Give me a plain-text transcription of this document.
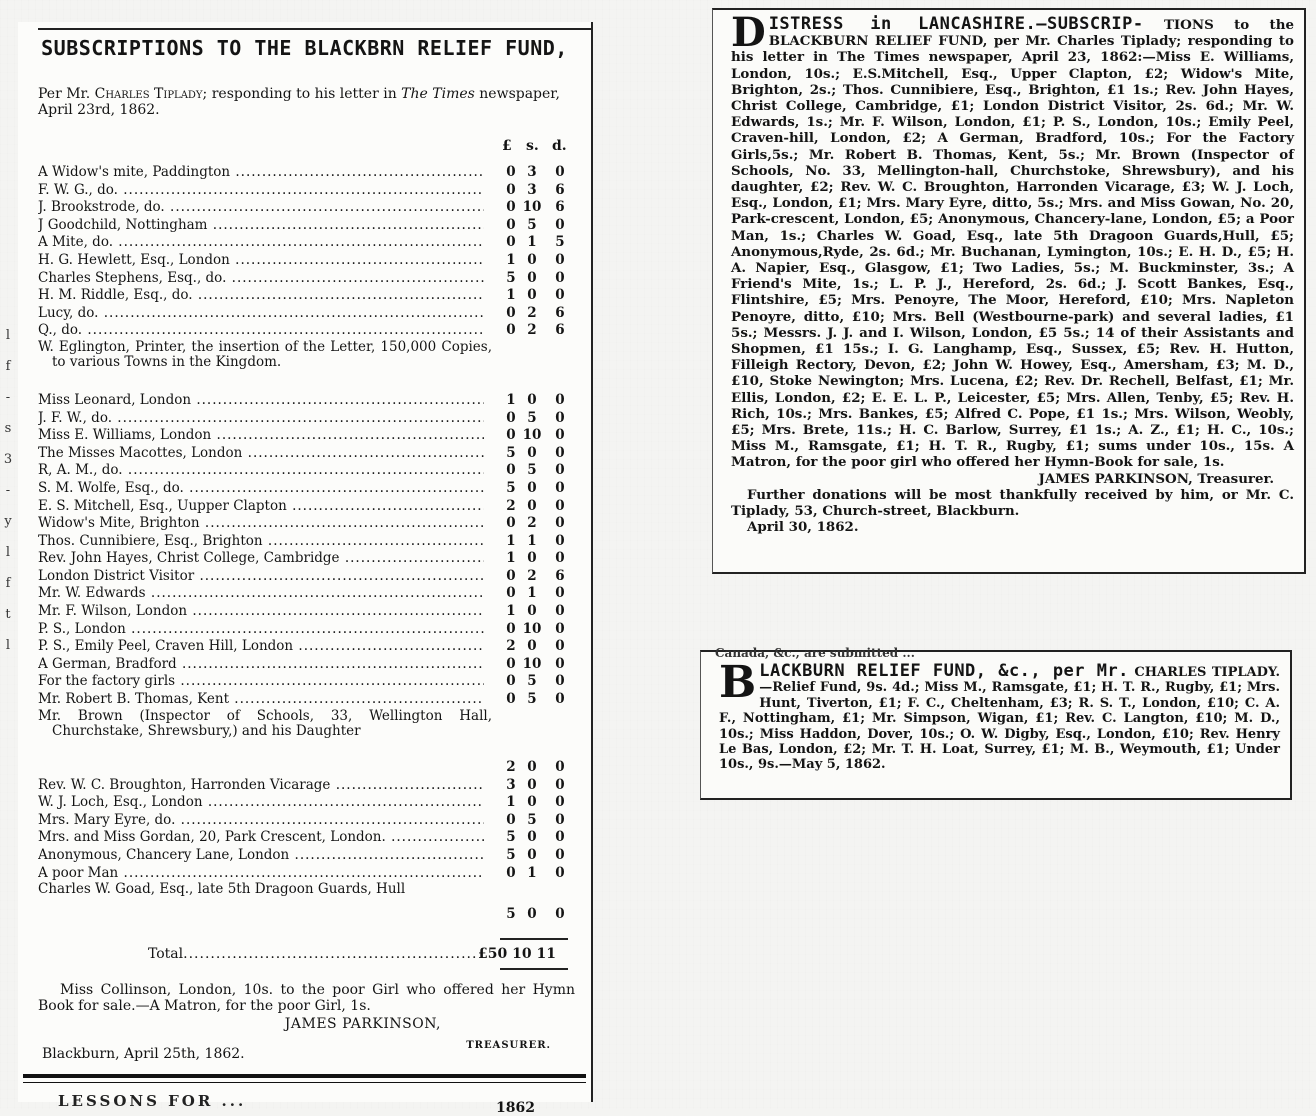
l
f
-
s
3
-
y
l
f
t
l
SUBSCRIPTIONS TO THE BLACKBRN RELIEF FUND,
Per Mr. Charles Tiplady; responding to his letter in The Times newspaper, April 23rd, 1862.
£ s. d.
A Widow's mite, Paddington .....	0 3	0
F. W. G., do. .....	0 3	6
J. Brookstrode, do. .....	0 10	6
J Goodchild, Nottingham .....	0 5	0
A Mite, do. .....	0 1	5
H. G. Hewlett, Esq., London .....	1 0	0
Charles Stephens, Esq., do. .....	5 0	0
H. M. Riddle, Esq., do. .....	1 0	0
Lucy, do. .....	0 2	6
Q., do. .....	0 2	6
W. Eglington, Printer, the insertion of the Letter, 150,000 Copies, to various Towns in the Kingdom.
Miss Leonard, London .....	1 0	0
J. F. W., do. .....	0 5	0
Miss E. Williams, London .....	0 10	0
The Misses Macottes, London .....	5 0	0
R, A. M., do. .....	0 5	0
S. M. Wolfe, Esq., do. .....	5 0	0
E. S. Mitchell, Esq., Uupper Clapton .....	2 0	0
Widow's Mite, Brighton .....	0 2	0
Thos. Cunnibiere, Esq., Brighton .....	1 1	0
Rev. John Hayes, Christ College, Cambridge .....	1 0	0
London District Visitor .....	0 2	6
Mr. W. Edwards .....	0 1	0
Mr. F. Wilson, London .....	1 0	0
P. S., London .....	0 10	0
P. S., Emily Peel, Craven Hill, London .....	2 0	0
A German, Bradford .....	0 10	0
For the factory girls .....	0 5	0
Mr. Robert B. Thomas, Kent .....	0 5	0
Mr. Brown (Inspector of Schools, 33, Wellington Hall, Churchstake, Shrewsbury,) and his Daughter
2 0	0
Rev. W. C. Broughton, Harronden Vicarage .....	3 0	0
W. J. Loch, Esq., London .....	1 0	0
Mrs. Mary Eyre, do. .....	0 5	0
Mrs. and Miss Gordan, 20, Park Crescent, London. .....	5 0	0
Anonymous, Chancery Lane, London .....	5 0	0
A poor Man .....	0 1	0
Charles W. Goad, Esq., late 5th Dragoon Guards, Hull
5 0	0
Total .....	£50 10 11
Miss Collinson, London, 10s. to the poor Girl who offered her Hymn Book for sale.—A Matron, for the poor Girl, 1s.
JAMES PARKINSON,
TREASURER.
Blackburn, April 25th, 1862.
LESSONS FOR ...	1862
DISTRESS in LANCASHIRE.—SUBSCRIP- TIONS to the BLACKBURN RELIEF FUND, per Mr. Charles Tiplady; responding to his letter in The Times newspaper, April 23, 1862:—Miss E. Williams, London, 10s.; E.S.Mitchell, Esq., Upper Clapton, £2; Widow's Mite, Brighton, 2s.; Thos. Cunnibiere, Esq., Brighton, £1 1s.; Rev. John Hayes, Christ College, Cambridge, £1; London District Visitor, 2s. 6d.; Mr. W. Edwards, 1s.; Mr. F. Wilson, London, £1; P. S., London, 10s.; Emily Peel, Craven-hill, London, £2; A German, Bradford, 10s.; For the Factory Girls,5s.; Mr. Robert B. Thomas, Kent, 5s.; Mr. Brown (Inspector of Schools, No. 33, Mellington-hall, Churchstoke, Shrewsbury), and his daughter, £2; Rev. W. C. Broughton, Harronden Vicarage, £3; W. J. Loch, Esq., London, £1; Mrs. Mary Eyre, ditto, 5s.; Mrs. and Miss Gowan, No. 20, Park-crescent, London, £5; Anonymous, Chancery-lane, London, £5; a Poor Man, 1s.; Charles W. Goad, Esq., late 5th Dragoon Guards,Hull, £5; Anonymous,Ryde, 2s. 6d.; Mr. Buchanan, Lymington, 10s.; E. H. D., £5; H. A. Napier, Esq., Glasgow, £1; Two Ladies, 5s.; M. Buckminster, 3s.; A Friend's Mite, 1s.; L. P. J., Hereford, 2s. 6d.; J. Scott Bankes, Esq., Flintshire, £5; Mrs. Penoyre, The Moor, Hereford, £10; Mrs. Napleton Penoyre, ditto, £10; Mrs. Bell (Westbourne-park) and several ladies, £1 5s.; Messrs. J. J. and I. Wilson, London, £5 5s.; 14 of their Assistants and Shopmen, £1 15s.; I. G. Langhamp, Esq., Sussex, £5; Rev. H. Hutton, Filleigh Rectory, Devon, £2; John W. Howey, Esq., Amersham, £3; M. D., £10, Stoke Newington; Mrs. Lucena, £2; Rev. Dr. Rechell, Belfast, £1; Mr. Ellis, London, £2; E. E. L. P., Leicester, £5; Mrs. Allen, Tenby, £5; Rev. H. Rich, 10s.; Mrs. Bankes, £5; Alfred C. Pope, £1 1s.; Mrs. Wilson, Weobly, £5; Mrs. Brete, 11s.; H. C. Barlow, Surrey, £1 1s.; A. Z., £1; H. C., 10s.; Miss M., Ramsgate, £1; H. T. R., Rugby, £1; sums under 10s., 15s. A Matron, for the poor girl who offered her Hymn-Book for sale, 1s.
JAMES PARKINSON, Treasurer.
Further donations will be most thankfully received by him, or Mr. C. Tiplady, 53, Church-street, Blackburn.
April 30, 1862.
Canada, &c., are submitted ...
BLACKBURN RELIEF FUND, &c., per Mr. CHARLES TIPLADY.—Relief Fund, 9s. 4d.; Miss M., Ramsgate, £1; H. T. R., Rugby, £1; Mrs. Hunt, Tiverton, £1; F. C., Cheltenham, £3; R. S. T., London, £10; C. A. F., Nottingham, £1; Mr. Simpson, Wigan, £1; Rev. C. Langton, £10; M. D., 10s.; Miss Haddon, Dover, 10s.; O. W. Digby, Esq., London, £10; Rev. Henry Le Bas, London, £2; Mr. T. H. Loat, Surrey, £1; M. B., Weymouth, £1; Under 10s., 9s.—May 5, 1862.
